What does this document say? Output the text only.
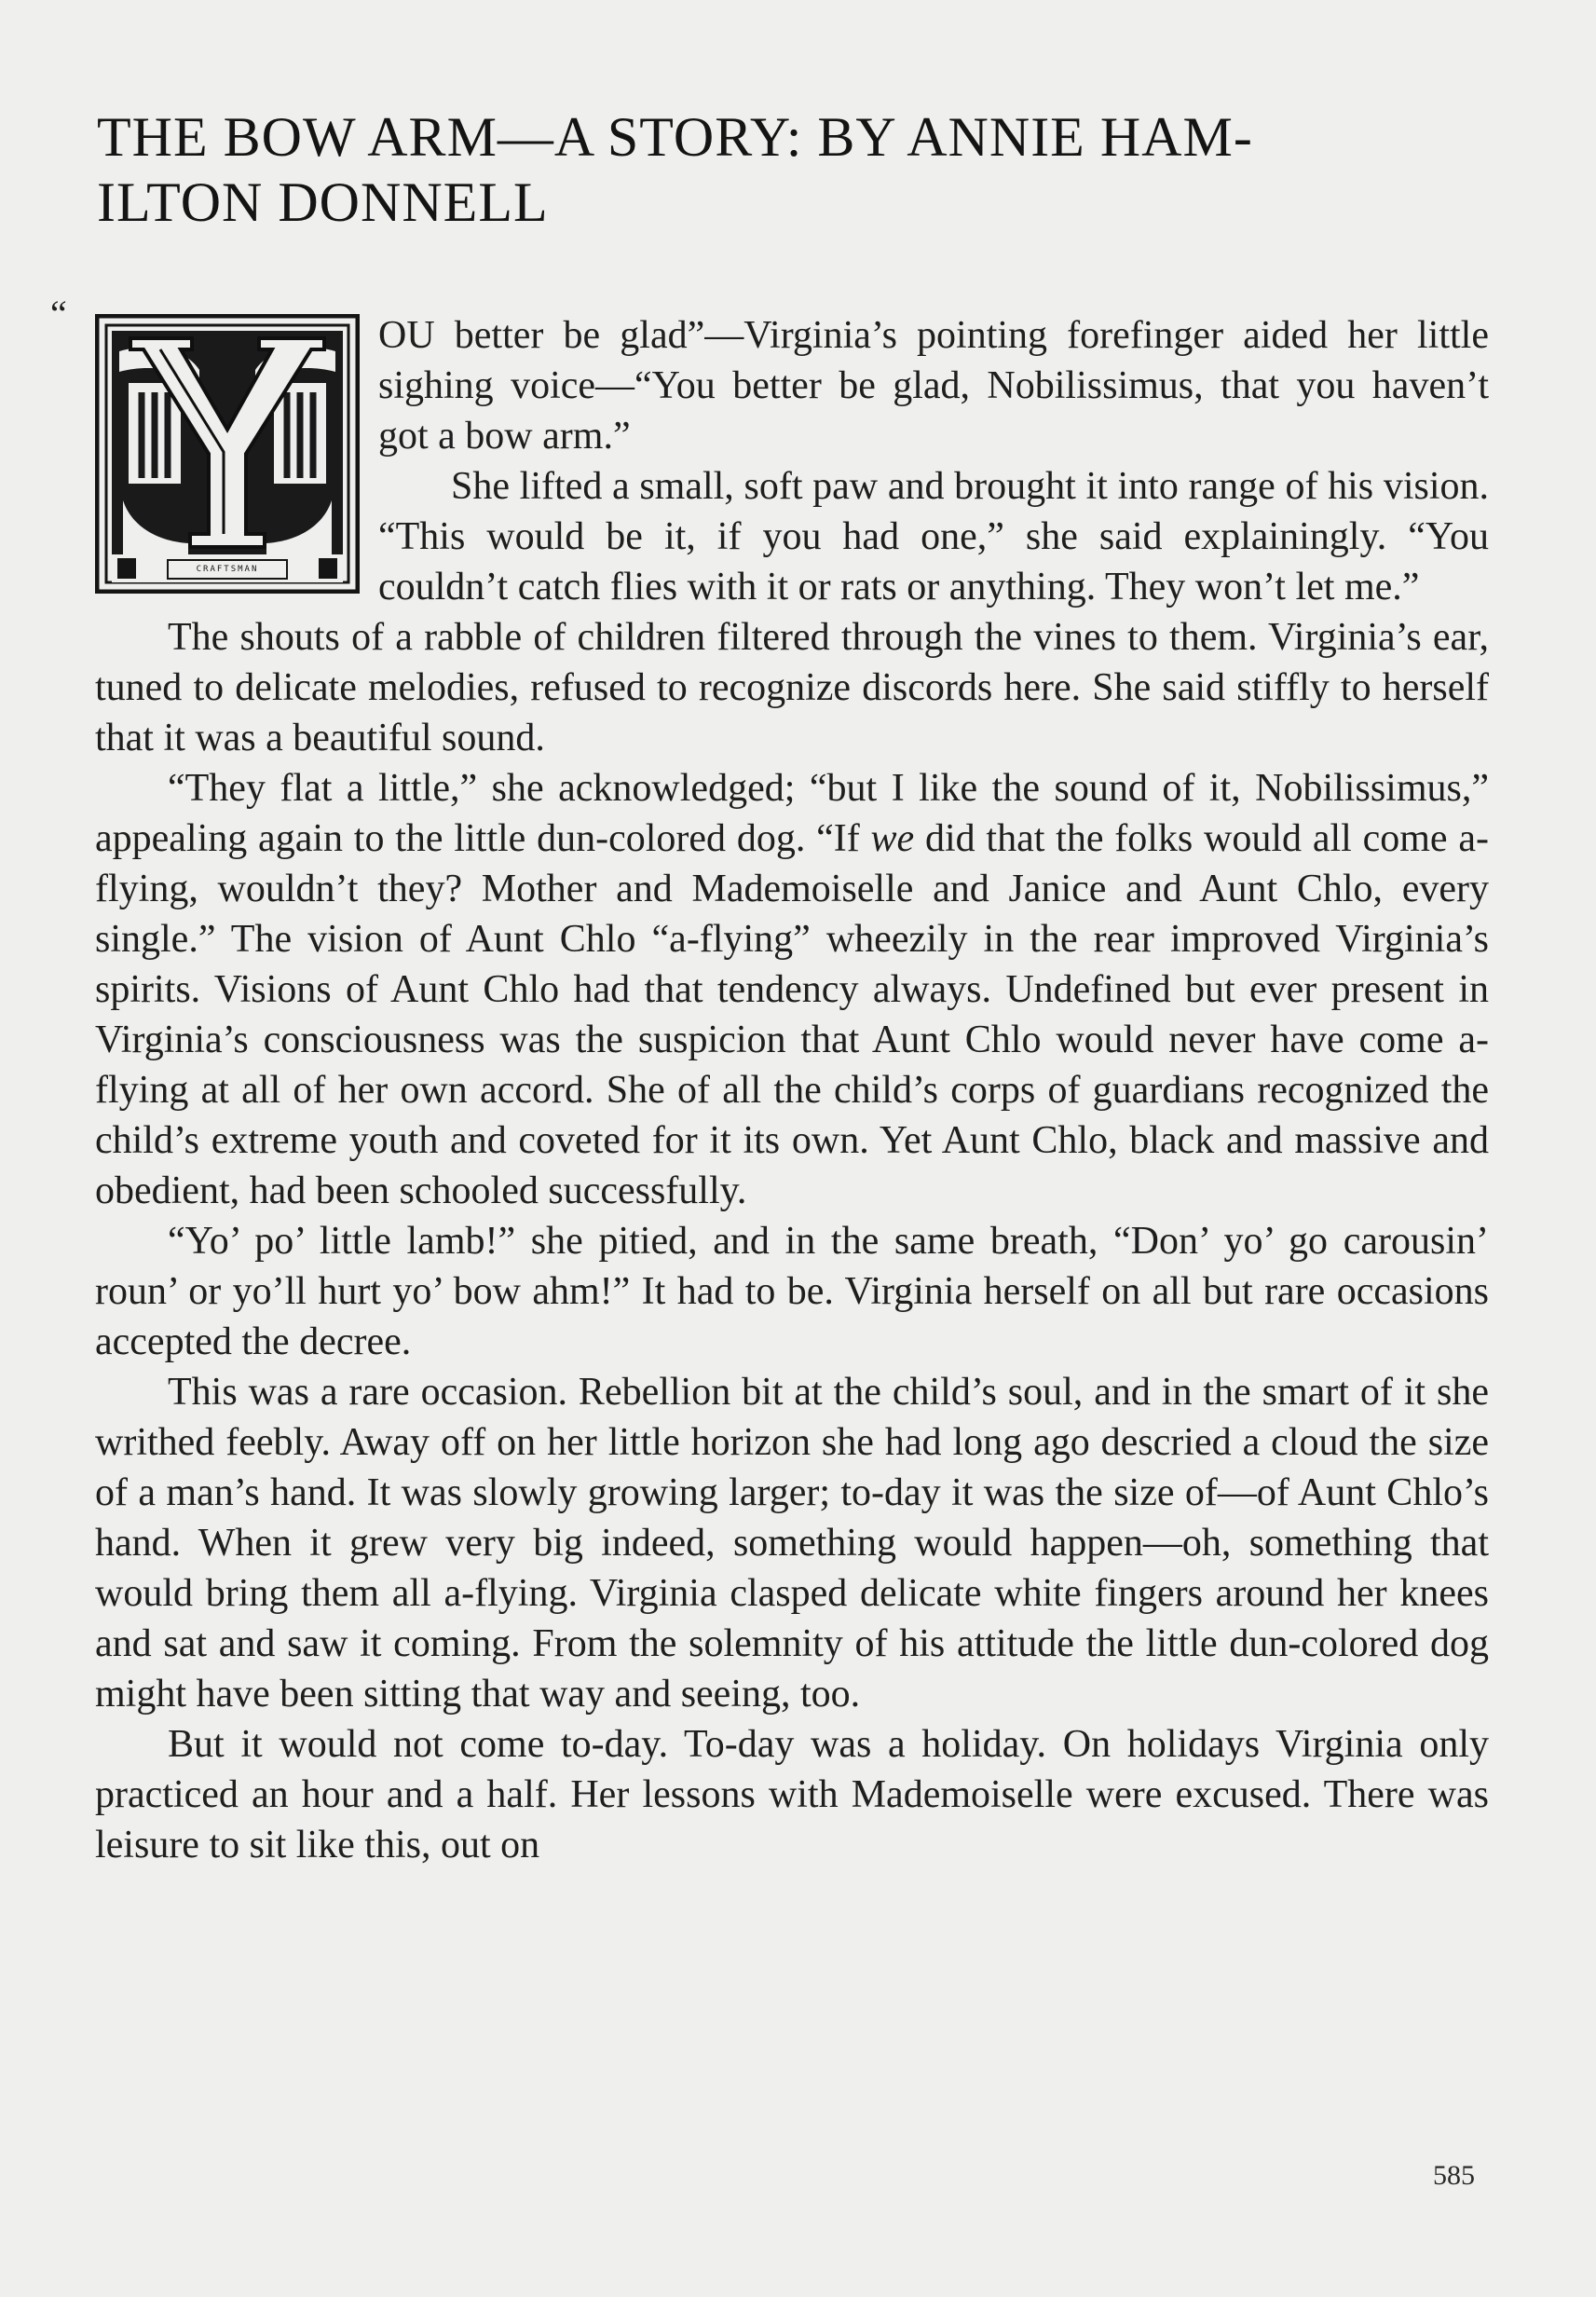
THE BOW ARM—A STORY: BY ANNIE HAM-
ILTON DONNELL
“
CRAFTSMAN

OU better be glad”—Virginia’s pointing forefinger aided her little sighing voice—“You better be glad, Nobilissimus, that you haven’t got a bow arm.”

She lifted a small, soft paw and brought it into range of his vision. “This would be it, if you had one,” she said explainingly. “You couldn’t catch flies with it or rats or anything. They won’t let me.”

The shouts of a rabble of children filtered through the vines to them. Virginia’s ear, tuned to delicate melodies, refused to recognize discords here. She said stiffly to herself that it was a beautiful sound.

“They flat a little,” she acknowledged; “but I like the sound of it, Nobilissimus,” appealing again to the little dun-colored dog. “If we did that the folks would all come a-flying, wouldn’t they? Mother and Mademoiselle and Janice and Aunt Chlo, every single.” The vision of Aunt Chlo “a-flying” wheezily in the rear improved Virginia’s spirits. Visions of Aunt Chlo had that tendency always. Undefined but ever present in Virginia’s consciousness was the suspicion that Aunt Chlo would never have come a-flying at all of her own accord. She of all the child’s corps of guardians recognized the child’s extreme youth and coveted for it its own. Yet Aunt Chlo, black and massive and obedient, had been schooled successfully.

“Yo’ po’ little lamb!” she pitied, and in the same breath, “Don’ yo’ go carousin’ roun’ or yo’ll hurt yo’ bow ahm!” It had to be. Virginia herself on all but rare occasions accepted the decree.

This was a rare occasion. Rebellion bit at the child’s soul, and in the smart of it she writhed feebly. Away off on her little horizon she had long ago descried a cloud the size of a man’s hand. It was slowly growing larger; to-day it was the size of—of Aunt Chlo’s hand. When it grew very big indeed, something would happen—oh, something that would bring them all a-flying. Virginia clasped delicate white fingers around her knees and sat and saw it coming. From the solemnity of his attitude the little dun-colored dog might have been sitting that way and seeing, too.

But it would not come to-day. To-day was a holiday. On holidays Virginia only practiced an hour and a half. Her lessons with Mademoiselle were excused. There was leisure to sit like this, out on

585
